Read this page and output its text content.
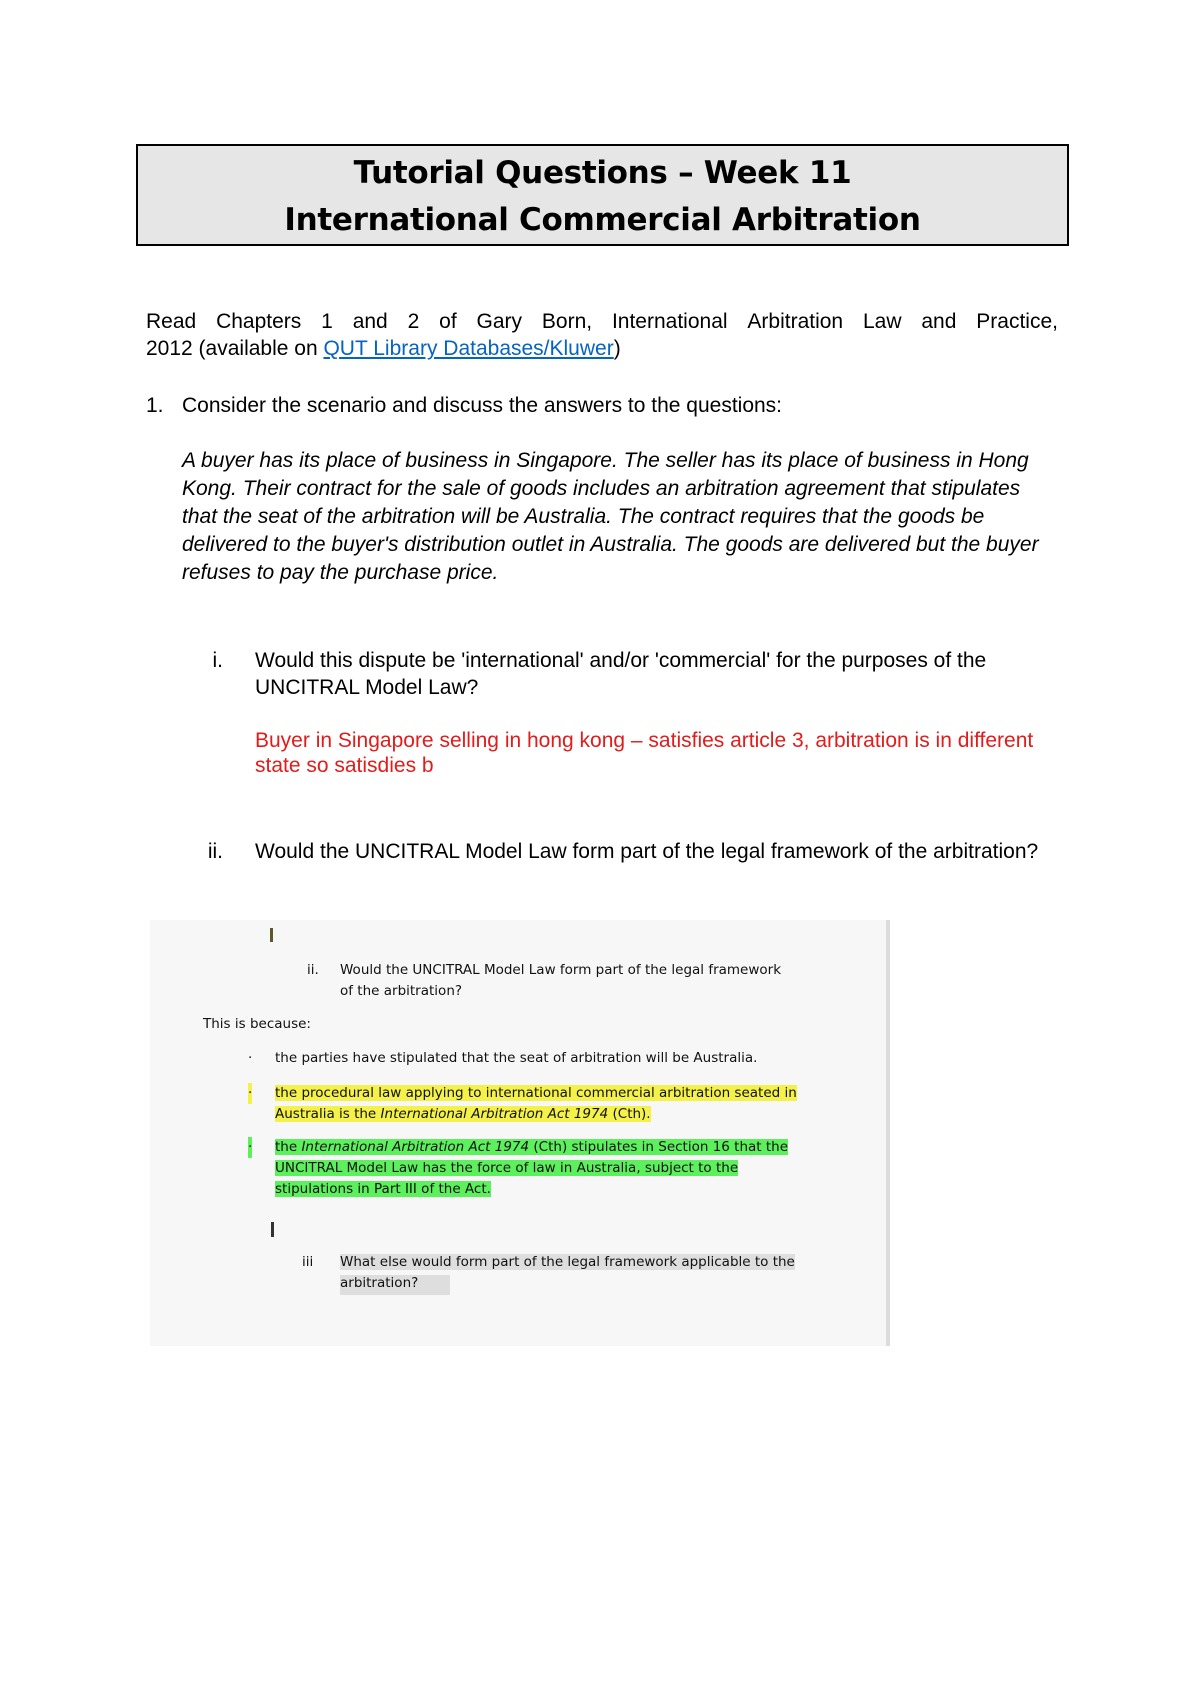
Tutorial Questions – Week 11
International Commercial Arbitration
Read Chapters 1 and 2 of Gary Born, International Arbitration Law and Practice,
2012 (available on QUT Library Databases/Kluwer)
1. Consider the scenario and discuss the answers to the questions:
A buyer has its place of business in Singapore. The seller has its place of business in Hong Kong. Their contract for the sale of goods includes an arbitration agreement that stipulates that the seat of the arbitration will be Australia. The contract requires that the goods be delivered to the buyer's distribution outlet in Australia. The goods are delivered but the buyer refuses to pay the purchase price.
i. Would this dispute be 'international' and/or 'commercial' for the purposes of the UNCITRAL Model Law?
Buyer in Singapore selling in hong kong – satisfies article 3, arbitration is in different state so satisdies b
ii. Would the UNCITRAL Model Law form part of the legal framework of the arbitration?
ii. Would the UNCITRAL Model Law form part of the legal framework
of the arbitration?
This is because:
· the parties have stipulated that the seat of arbitration will be Australia.
· the procedural law applying to international commercial arbitration seated in
Australia is the International Arbitration Act 1974 (Cth).
· the International Arbitration Act 1974 (Cth) stipulates in Section 16 that the
UNCITRAL Model Law has the force of law in Australia, subject to the
stipulations in Part III of the Act.
iii What else would form part of the legal framework applicable to the
arbitration?
